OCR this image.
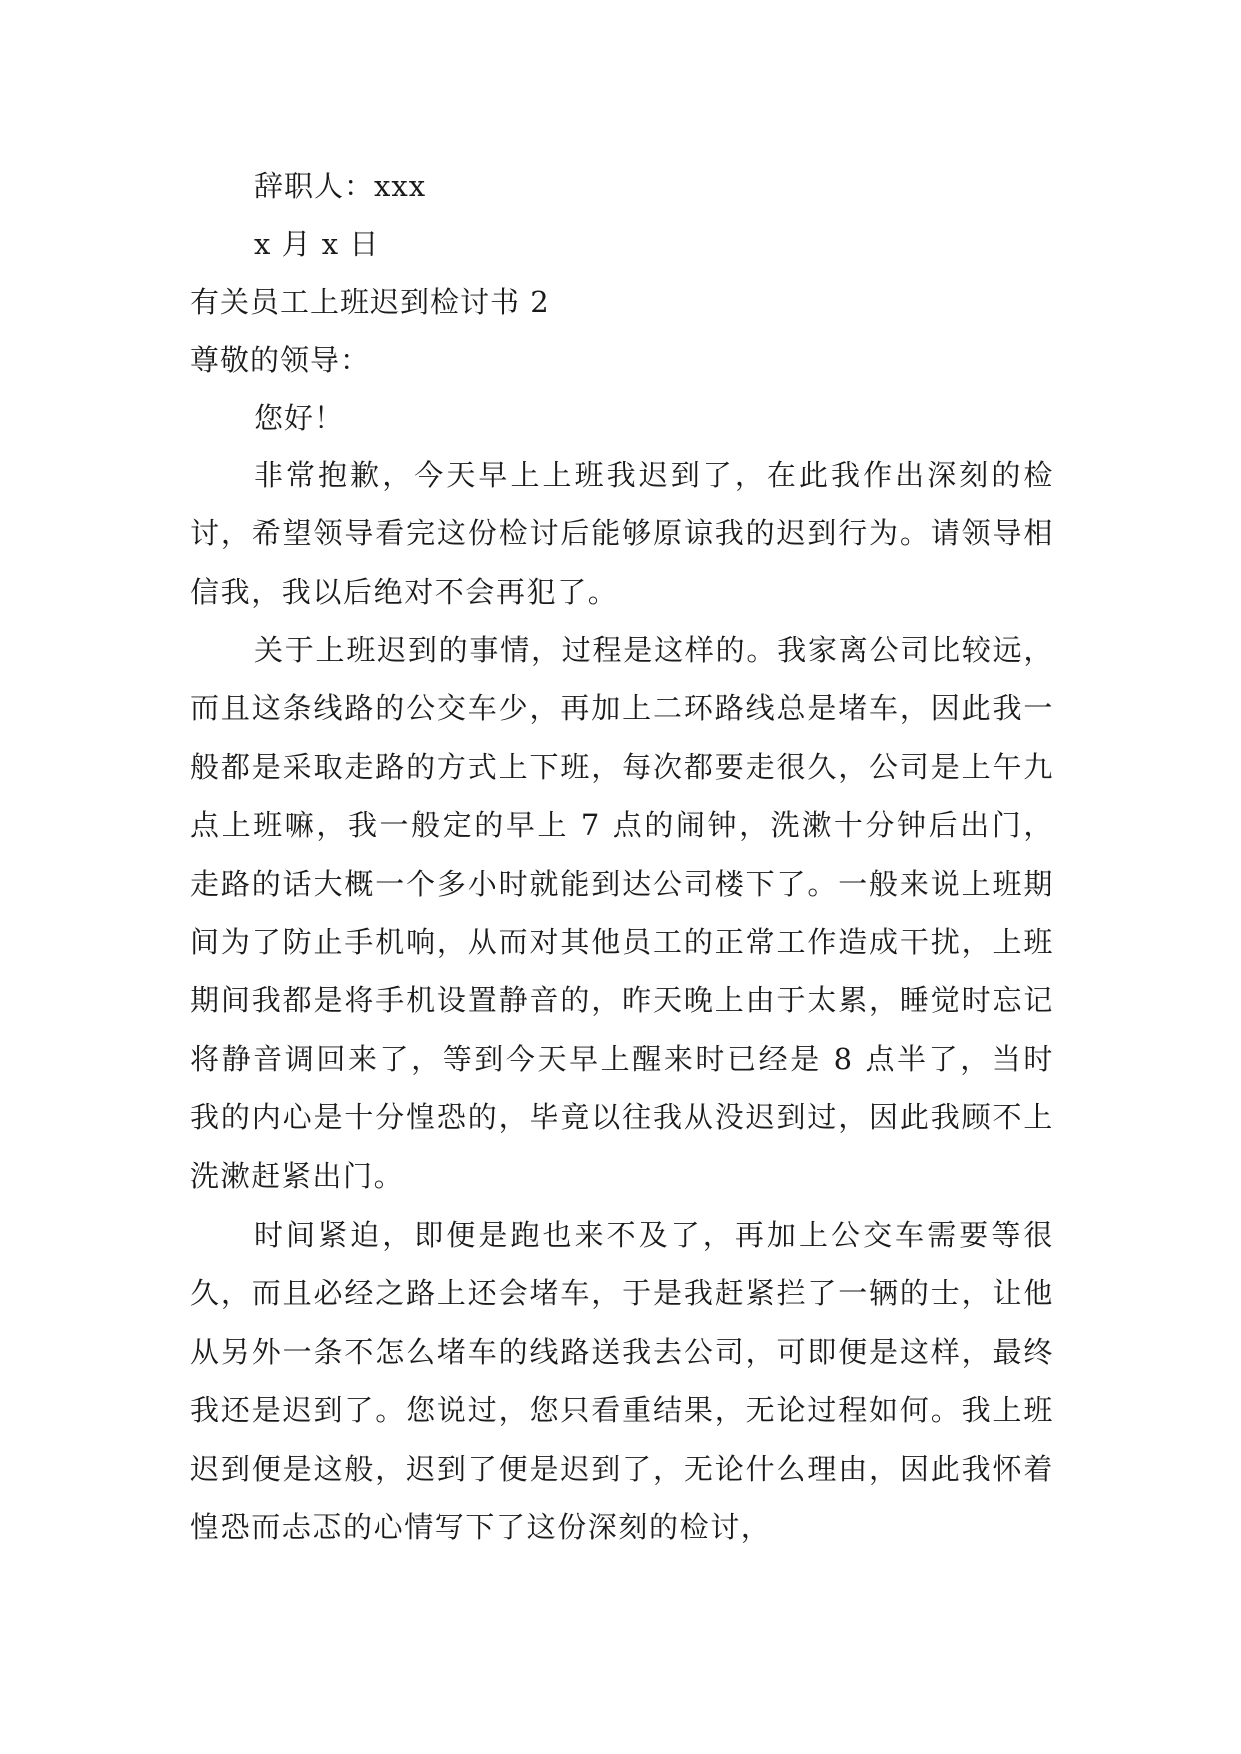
辞职人：xxx
x 月 x 日
有关员工上班迟到检讨书 2
尊敬的领导：
您好！
非常抱歉，今天早上上班我迟到了，在此我作出深刻的检讨，希望领导看完这份检讨后能够原谅我的迟到行为。请领导相信我，我以后绝对不会再犯了。
关于上班迟到的事情，过程是这样的。我家离公司比较远，而且这条线路的公交车少，再加上二环路线总是堵车，因此我一般都是采取走路的方式上下班，每次都要走很久，公司是上午九点上班嘛，我一般定的早上 7 点的闹钟，洗漱十分钟后出门，走路的话大概一个多小时就能到达公司楼下了。一般来说上班期间为了防止手机响，从而对其他员工的正常工作造成干扰，上班期间我都是将手机设置静音的，昨天晚上由于太累，睡觉时忘记将静音调回来了，等到今天早上醒来时已经是 8 点半了，当时我的内心是十分惶恐的，毕竟以往我从没迟到过，因此我顾不上洗漱赶紧出门。
时间紧迫，即便是跑也来不及了，再加上公交车需要等很久，而且必经之路上还会堵车，于是我赶紧拦了一辆的士，让他从另外一条不怎么堵车的线路送我去公司，可即便是这样，最终我还是迟到了。您说过，您只看重结果，无论过程如何。我上班迟到便是这般，迟到了便是迟到了，无论什么理由，因此我怀着惶恐而忐忑的心情写下了这份深刻的检讨，
